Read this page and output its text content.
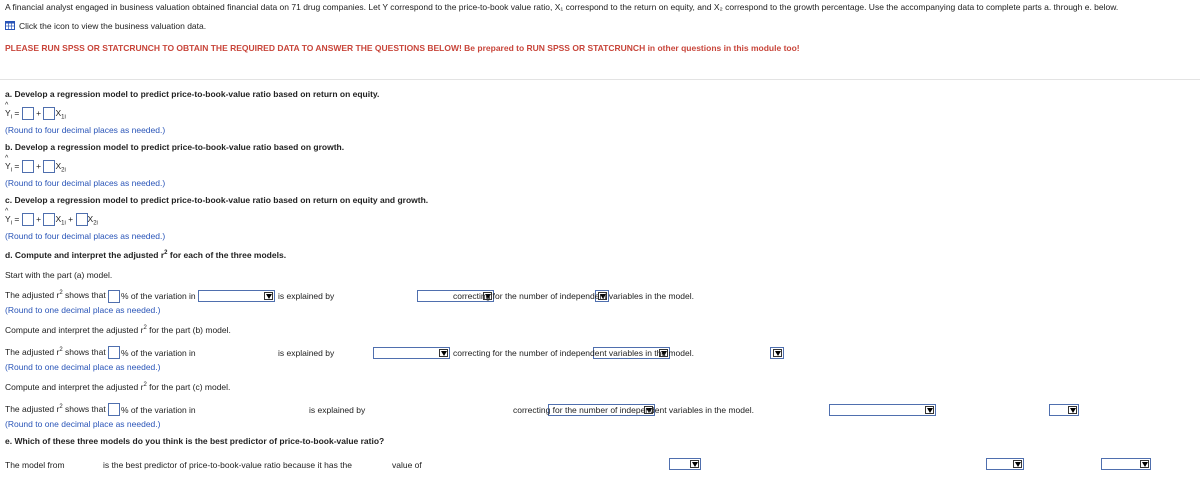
A financial analyst engaged in business valuation obtained financial data on 71 drug companies. Let Y correspond to the price-to-book value ratio, X₁ correspond to the return on equity, and X₂ correspond to the growth percentage. Use the accompanying data to complete parts a. through e. below.
Click the icon to view the business valuation data.
PLEASE RUN SPSS OR STATCRUNCH TO OBTAIN THE REQUIRED DATA TO ANSWER THE QUESTIONS BELOW! Be prepared to RUN SPSS OR STATCRUNCH in other questions in this module too!
a. Develop a regression model to predict price-to-book-value ratio based on return on equity.
^ $Y_i$ = + $X_{1i}$
(Round to four decimal places as needed.)
b. Develop a regression model to predict price-to-book-value ratio based on growth.
^ $Y_i$ = + $X_{2i}$
(Round to four decimal places as needed.)
c. Develop a regression model to predict price-to-book-value ratio based on return on equity and growth.
^ $Y_i$ = + $X_{1i} + X_{2i}$
(Round to four decimal places as needed.)
d. Compute and interpret the adjusted $r^2$ for each of the three models.
Start with the part (a) model.
The adjusted $r^2$ shows that % of the variation in
	is explained by

	correcting for the number of independent variables in the model.
(Round to one decimal place as needed.)
Compute and interpret the adjusted $r^2$ for the part (b) model.
The adjusted $r^2$ shows that % of the variation in
	is explained by

	correcting for the number of independent variables in the model.
(Round to one decimal place as needed.)
Compute and interpret the adjusted $r^2$ for the part (c) model.
The adjusted $r^2$ shows that % of the variation in
	is explained by

	correcting for the number of independent variables in the model.
(Round to one decimal place as needed.)
e. Which of these three models do you think is the best predictor of price-to-book-value ratio?
The model from
	is the best predictor of price-to-book-value ratio because it has the
	value of
